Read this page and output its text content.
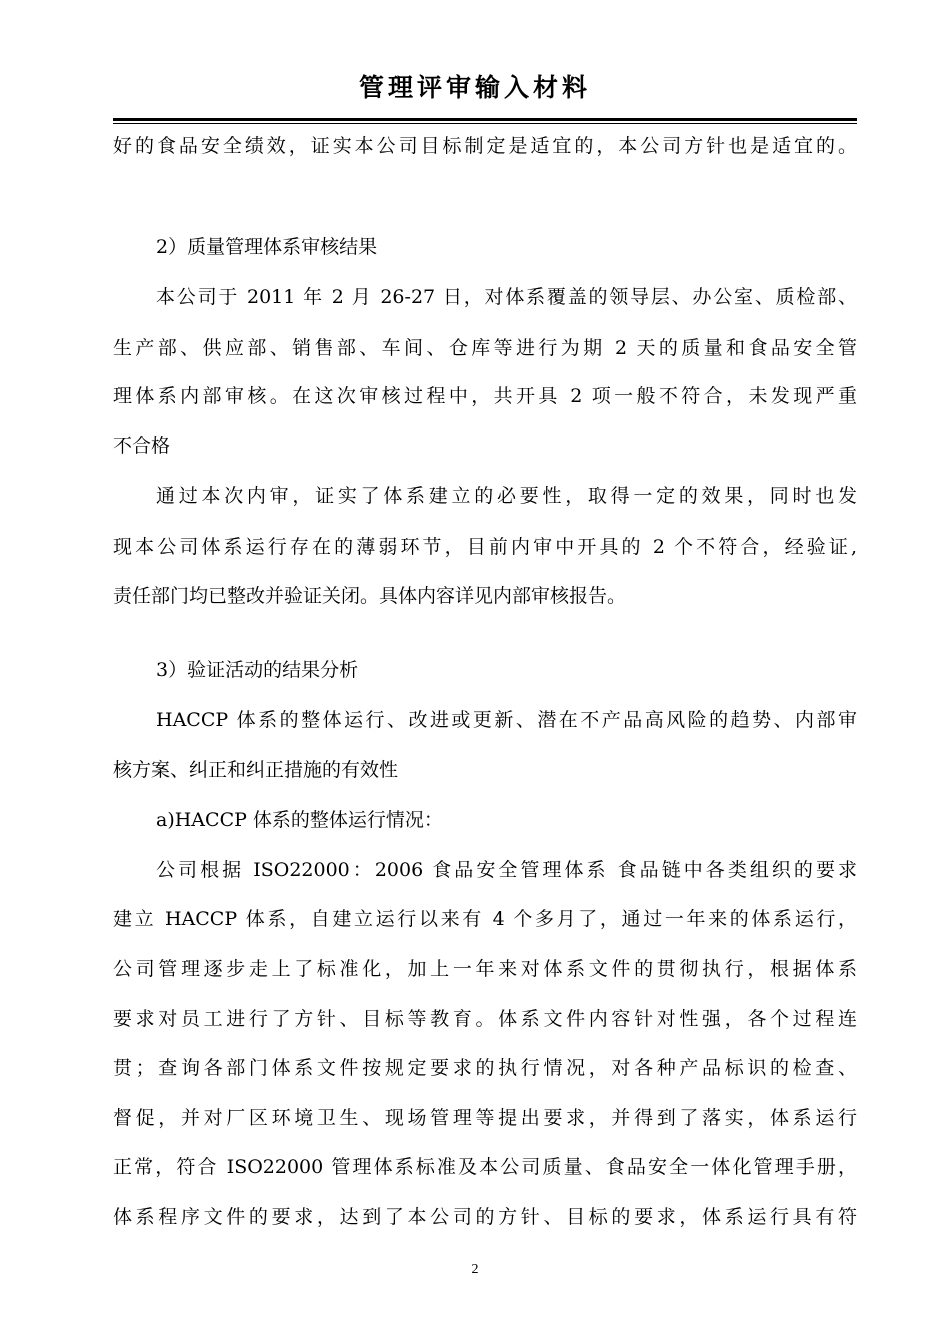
管理评审输入材料
好的食品安全绩效，证实本公司目标制定是适宜的，本公司方针也是适宜的。
2）质量管理体系审核结果
本公司于 2011 年 2 月 26-27 日，对体系覆盖的领导层、办公室、质检部、
生产部、供应部、销售部、车间、仓库等进行为期 2 天的质量和食品安全管
理体系内部审核。在这次审核过程中，共开具 2 项一般不符合，未发现严重
不合格
通过本次内审，证实了体系建立的必要性，取得一定的效果，同时也发
现本公司体系运行存在的薄弱环节，目前内审中开具的 2 个不符合，经验证,
责任部门均已整改并验证关闭。具体内容详见内部审核报告。
3）验证活动的结果分析
HACCP 体系的整体运行、改进或更新、潜在不产品高风险的趋势、内部审
核方案、纠正和纠正措施的有效性
a)HACCP 体系的整体运行情况：
公司根据 ISO22000：2006 食品安全管理体系 食品链中各类组织的要求
建立 HACCP 体系，自建立运行以来有 4 个多月了，通过一年来的体系运行，
公司管理逐步走上了标准化，加上一年来对体系文件的贯彻执行，根据体系
要求对员工进行了方针、目标等教育。体系文件内容针对性强，各个过程连
贯；查询各部门体系文件按规定要求的执行情况，对各种产品标识的检查、
督促，并对厂区环境卫生、现场管理等提出要求，并得到了落实，体系运行
正常，符合 ISO22000 管理体系标准及本公司质量、食品安全一体化管理手册，
体系程序文件的要求，达到了本公司的方针、目标的要求，体系运行具有符
2
